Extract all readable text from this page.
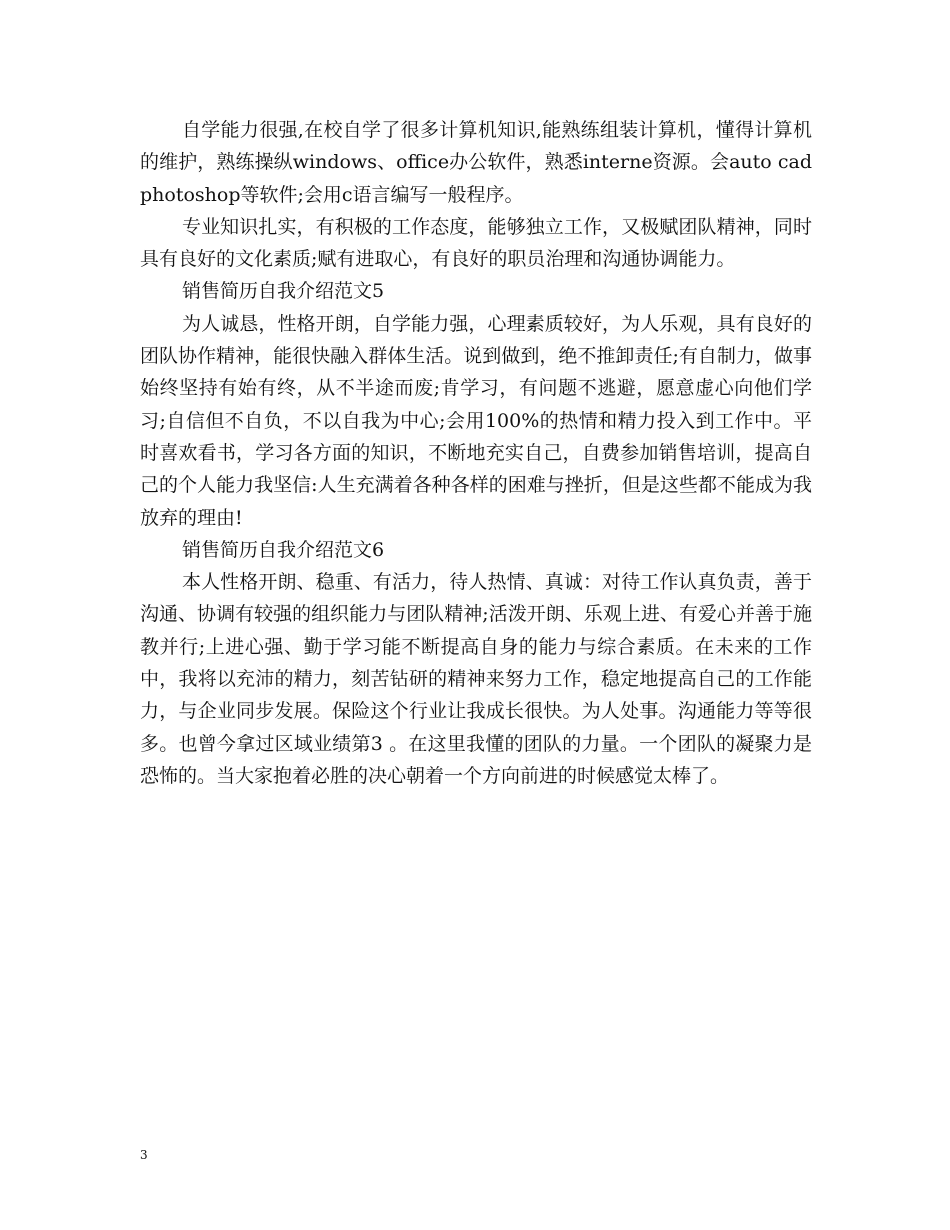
自学能力很强,在校自学了很多计算机知识,能熟练组装计算机，懂得计算机的维护，熟练操纵windows、office办公软件，熟悉interne资源。会auto cad photoshop等软件;会用c语言编写一般程序。

专业知识扎实，有积极的工作态度，能够独立工作，又极赋团队精神，同时具有良好的文化素质;赋有进取心，有良好的职员治理和沟通协调能力。

销售简历自我介绍范文5

为人诚恳，性格开朗，自学能力强，心理素质较好，为人乐观，具有良好的团队协作精神，能很快融入群体生活。说到做到，绝不推卸责任;有自制力，做事始终坚持有始有终，从不半途而废;肯学习，有问题不逃避，愿意虚心向他们学习;自信但不自负，不以自我为中心;会用100%的热情和精力投入到工作中。平时喜欢看书，学习各方面的知识，不断地充实自己，自费参加销售培训，提高自己的个人能力我坚信:人生充满着各种各样的困难与挫折，但是这些都不能成为我放弃的理由!

销售简历自我介绍范文6

本人性格开朗、稳重、有活力，待人热情、真诚：对待工作认真负责，善于沟通、协调有较强的组织能力与团队精神;活泼开朗、乐观上进、有爱心并善于施教并行;上进心强、勤于学习能不断提高自身的能力与综合素质。在未来的工作中，我将以充沛的精力，刻苦钻研的精神来努力工作，稳定地提高自己的工作能力，与企业同步发展。保险这个行业让我成长很快。为人处事。沟通能力等等很多。也曾今拿过区域业绩第3 。在这里我懂的团队的力量。一个团队的凝聚力是恐怖的。当大家抱着必胜的决心朝着一个方向前进的时候感觉太棒了。

3
